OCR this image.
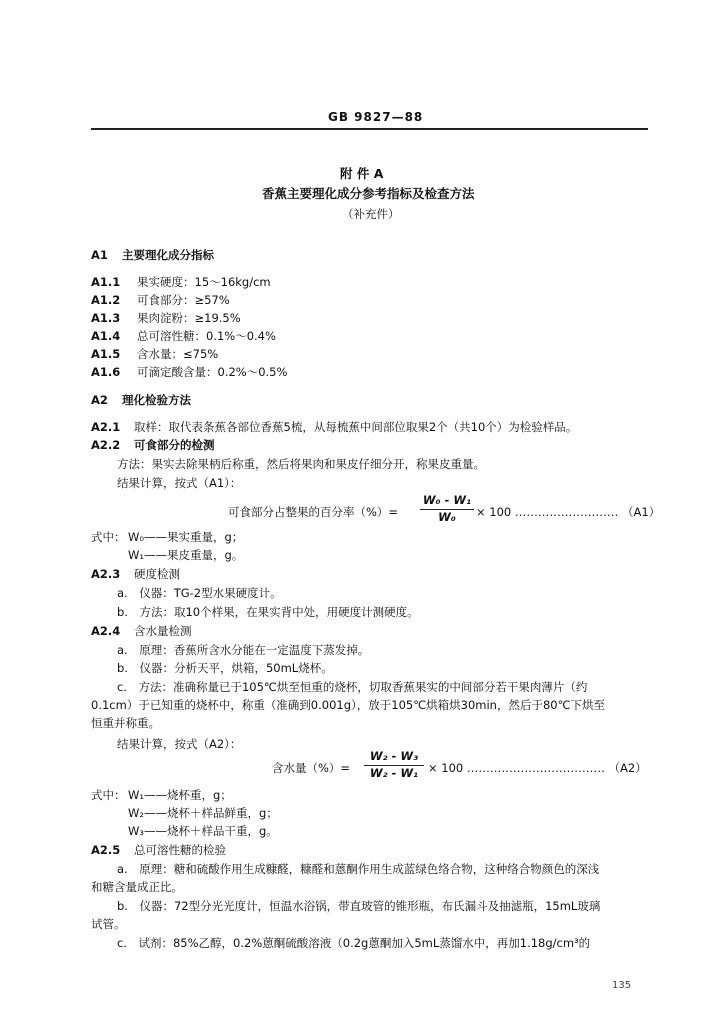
GB 9827—88
附 件 A
香蕉主要理化成分参考指标及检查方法
（补充件）
A1 主要理化成分指标
A1.1 果实硬度：15～16kg/cm
A1.2 可食部分：≥57%
A1.3 果肉淀粉：≥19.5%
A1.4 总可溶性糖：0.1%～0.4%
A1.5 含水量：≤75%
A1.6 可滴定酸含量：0.2%～0.5%
A2 理化检验方法
A2.1 取样：取代表条蕉各部位香蕉5梳，从每梳蕉中间部位取果2个（共10个）为检验样品。
A2.2 可食部分的检测
方法：果实去除果柄后称重，然后将果肉和果皮仔细分开，称果皮重量。
结果计算，按式（A1）：
可食部分占整果的百分率（%）=
W₀ - W₁
W₀ × 100 ……………………… （A1）
式中： W₀——果实重量，g；
W₁——果皮重量，g。
A2.3 硬度检测
a.　仪器：TG-2型水果硬度计。
b.　方法：取10个样果，在果实背中处，用硬度计测硬度。
A2.4 含水量检测
a.　原理：香蕉所含水分能在一定温度下蒸发掉。
b.　仪器：分析天平，烘箱，50mL烧杯。
c.　方法：准确称量已于105℃烘至恒重的烧杯，切取香蕉果实的中间部分若干果肉薄片（约
0.1cm）于已知重的烧杯中，称重（准确到0.001g），放于105℃烘箱烘30min，然后于80℃下烘至
恒重并称重。
结果计算，按式（A2）：
含水量（%）=
W₂ - W₃
W₂ - W₁ × 100 ……………………………… （A2）
式中： W₁——烧杯重，g；
W₂——烧杯＋样品鲜重，g；
W₃——烧杯＋样品干重，g。
A2.5 总可溶性糖的检验
a.　原理：糖和硫酸作用生成糠醛，糠醛和蒽酮作用生成蓝绿色络合物，这种络合物颜色的深浅
和糖含量成正比。
b.　仪器：72型分光光度计，恒温水浴锅，带直玻管的锥形瓶，布氏漏斗及抽滤瓶，15mL玻璃
试管。
c.　试剂：85%乙醇，0.2%蒽酮硫酸溶液（0.2g蒽酮加入5mL蒸馏水中，再加1.18g/cm³的
135
